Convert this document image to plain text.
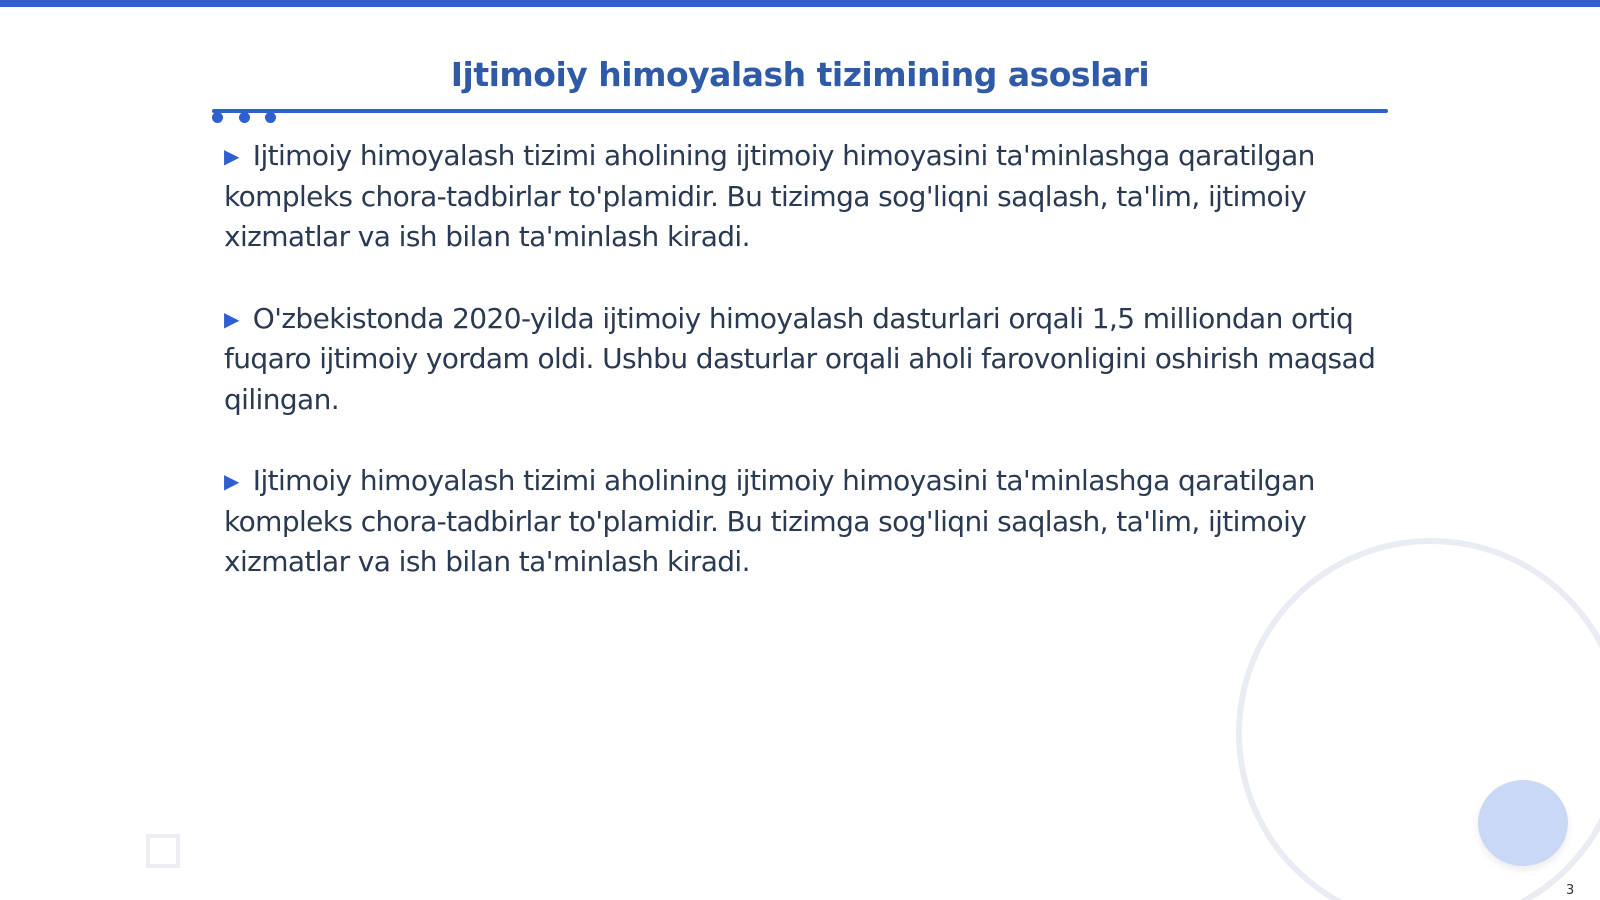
Ijtimoiy himoyalash tizimining asoslari

▶ Ijtimoiy himoyalash tizimi aholining ijtimoiy himoyasini ta'minlashga qaratilgan kompleks chora-tadbirlar to'plamidir. Bu tizimga sog'liqni saqlash, ta'lim, ijtimoiy xizmatlar va ish bilan ta'minlash kiradi.

▶ O'zbekistonda 2020-yilda ijtimoiy himoyalash dasturlari orqali 1,5 milliondan ortiq fuqaro ijtimoiy yordam oldi. Ushbu dasturlar orqali aholi farovonligini oshirish maqsad qilingan.

▶ Ijtimoiy himoyalash tizimi aholining ijtimoiy himoyasini ta'minlashga qaratilgan kompleks chora-tadbirlar to'plamidir. Bu tizimga sog'liqni saqlash, ta'lim, ijtimoiy xizmatlar va ish bilan ta'minlash kiradi.

3
